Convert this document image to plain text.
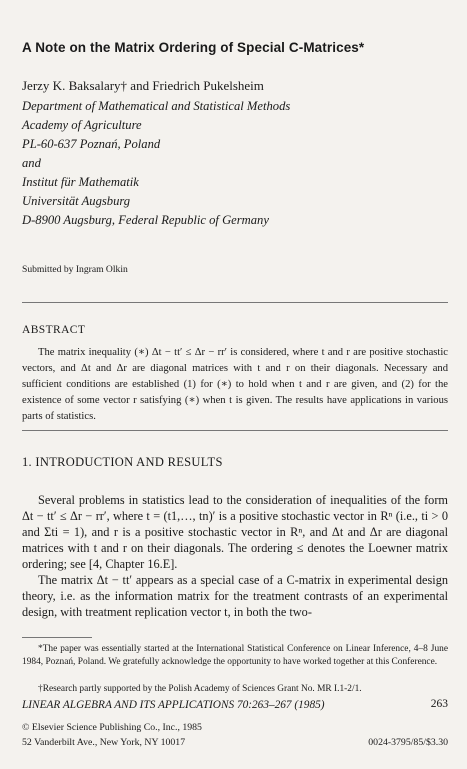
A Note on the Matrix Ordering of Special C-Matrices*
Jerzy K. Baksalary† and Friedrich Pukelsheim
Department of Mathematical and Statistical Methods
Academy of Agriculture
PL-60-637 Poznań, Poland
and
Institut für Mathematik
Universität Augsburg
D-8900 Augsburg, Federal Republic of Germany
Submitted by Ingram Olkin
ABSTRACT
The matrix inequality (∗) Δt − tt′ ≤ Δr − rr′ is considered, where t and r are positive stochastic vectors, and Δt and Δr are diagonal matrices with t and r on their diagonals. Necessary and sufficient conditions are established (1) for (∗) to hold when t and r are given, and (2) for the existence of some vector r satisfying (∗) when t is given. The results have applications in various parts of statistics.
1. INTRODUCTION AND RESULTS

Several problems in statistics lead to the consideration of inequalities of the form Δt − tt′ ≤ Δr − rr′, where t = (t1,…, tn)′ is a positive stochastic vector in Rⁿ (i.e., ti > 0 and Σti = 1), and r is a positive stochastic vector in Rⁿ, and Δt and Δr are diagonal matrices with t and r on their diagonals. The ordering ≤ denotes the Loewner matrix ordering; see [4, Chapter 16.E].

The matrix Δt − tt′ appears as a special case of a C-matrix in experimental design theory, i.e. as the information matrix for the treatment contrasts of an experimental design, with treatment replication vector t, in both the two-

*The paper was essentially started at the International Statistical Conference on Linear Inference, 4–8 June 1984, Poznań, Poland. We gratefully acknowledge the opportunity to have worked together at this Conference.

†Research partly supported by the Polish Academy of Sciences Grant No. MR I.1-2/1.

LINEAR ALGEBRA AND ITS APPLICATIONS 70:263–267 (1985)	263
© Elsevier Science Publishing Co., Inc., 1985
52 Vanderbilt Ave., New York, NY 10017	0024-3795/85/$3.30
